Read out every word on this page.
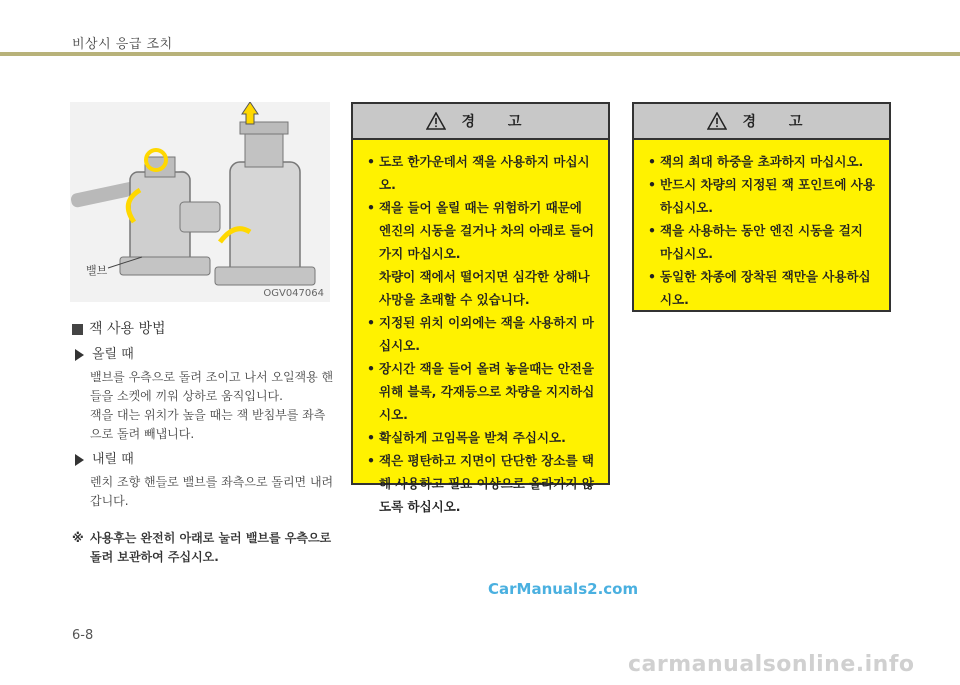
비상시 응급 조치
밸브
OGV047064
잭 사용 방법
올릴 때
밸브를 우측으로 돌려 조이고 나서 오일잭용 핸들을 소켓에 끼워 상하로 움직입니다.
잭을 대는 위치가 높을 때는 잭 받침부를 좌측으로 돌려 빼냅니다.
내릴 때
렌치 조향 핸들로 밸브를 좌측으로 돌리면 내려 갑니다.
※ 사용후는 완전히 아래로 눌러 밸브를 우측으로 돌려 보관하여 주십시오.
경 고
• 도로 한가운데서 잭을 사용하지 마십시오.
• 잭을 들어 올릴 때는 위험하기 때문에 엔진의 시동을 걸거나 차의 아래로 들어가지 마십시오.
차량이 잭에서 떨어지면 심각한 상해나 사망을 초래할 수 있습니다.
• 지정된 위치 이외에는 잭을 사용하지 마십시오.
• 장시간 잭을 들어 올려 놓을때는 안전을 위해 블록, 각재등으로 차량을 지지하십시오.
• 확실하게 고임목을 받쳐 주십시오.
• 잭은 평탄하고 지면이 단단한 장소를 택해 사용하고 필요 이상으로 올라가지 않도록 하십시오.
경 고
• 잭의 최대 하중을 초과하지 마십시오.
• 반드시 차량의 지정된 잭 포인트에 사용하십시오.
• 잭을 사용하는 동안 엔진 시동을 걸지 마십시오.
• 동일한 차종에 장착된 잭만을 사용하십시오.
CarManuals2.com
6-8
carmanualsonline.info
